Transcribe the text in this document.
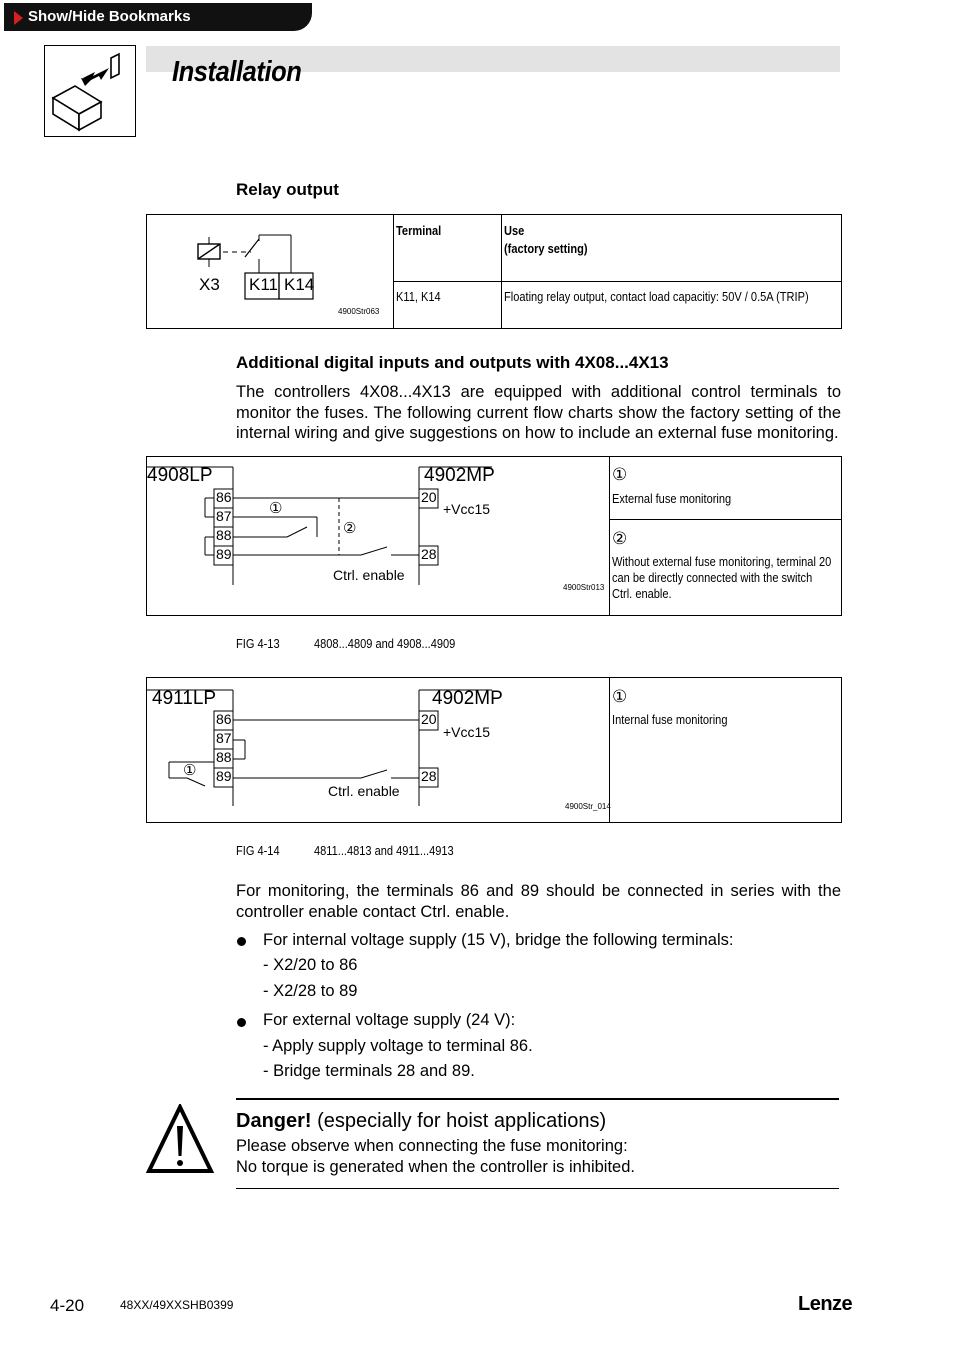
Show/Hide Bookmarks
Installation
Relay output
X3 K11 K14
4900Str063
Terminal	Use
(factory setting)
K11, K14	Floating relay output, contact load capacitiy: 50V / 0.5A (TRIP)
Additional digital inputs and outputs with 4X08...4X13
The controllers 4X08...4X13 are equipped with additional control terminals to monitor the fuses. The following current flow charts show the factory setting of the internal wiring and give suggestions on how to include an external fuse monitoring.
4908LP	4902MP
86
87
88
89
20
28
+Vcc15
Ctrl. enable
①
②
4900Str013
①
External fuse monitoring
②
Without external fuse monitoring, terminal 20 can be directly connected with the switch Ctrl. enable.
FIG 4-13	4808...4809 and 4908...4909
4911LP	4902MP
86
87
88
89
20
28
+Vcc15
Ctrl. enable
①
4900Str_014
①
Internal fuse monitoring
FIG 4-14	4811...4813 and 4911...4913
For monitoring, the terminals 86 and 89 should be connected in series with the controller enable contact Ctrl. enable.
For internal voltage supply (15 V), bridge the following terminals:
- X2/20 to 86
- X2/28 to 89
For external voltage supply (24 V):
- Apply supply voltage to terminal 86.
- Bridge terminals 28 and 89.
Danger! (especially for hoist applications)
Please observe when connecting the fuse monitoring:
No torque is generated when the controller is inhibited.
4-20	48XX/49XXSHB0399	Lenze
